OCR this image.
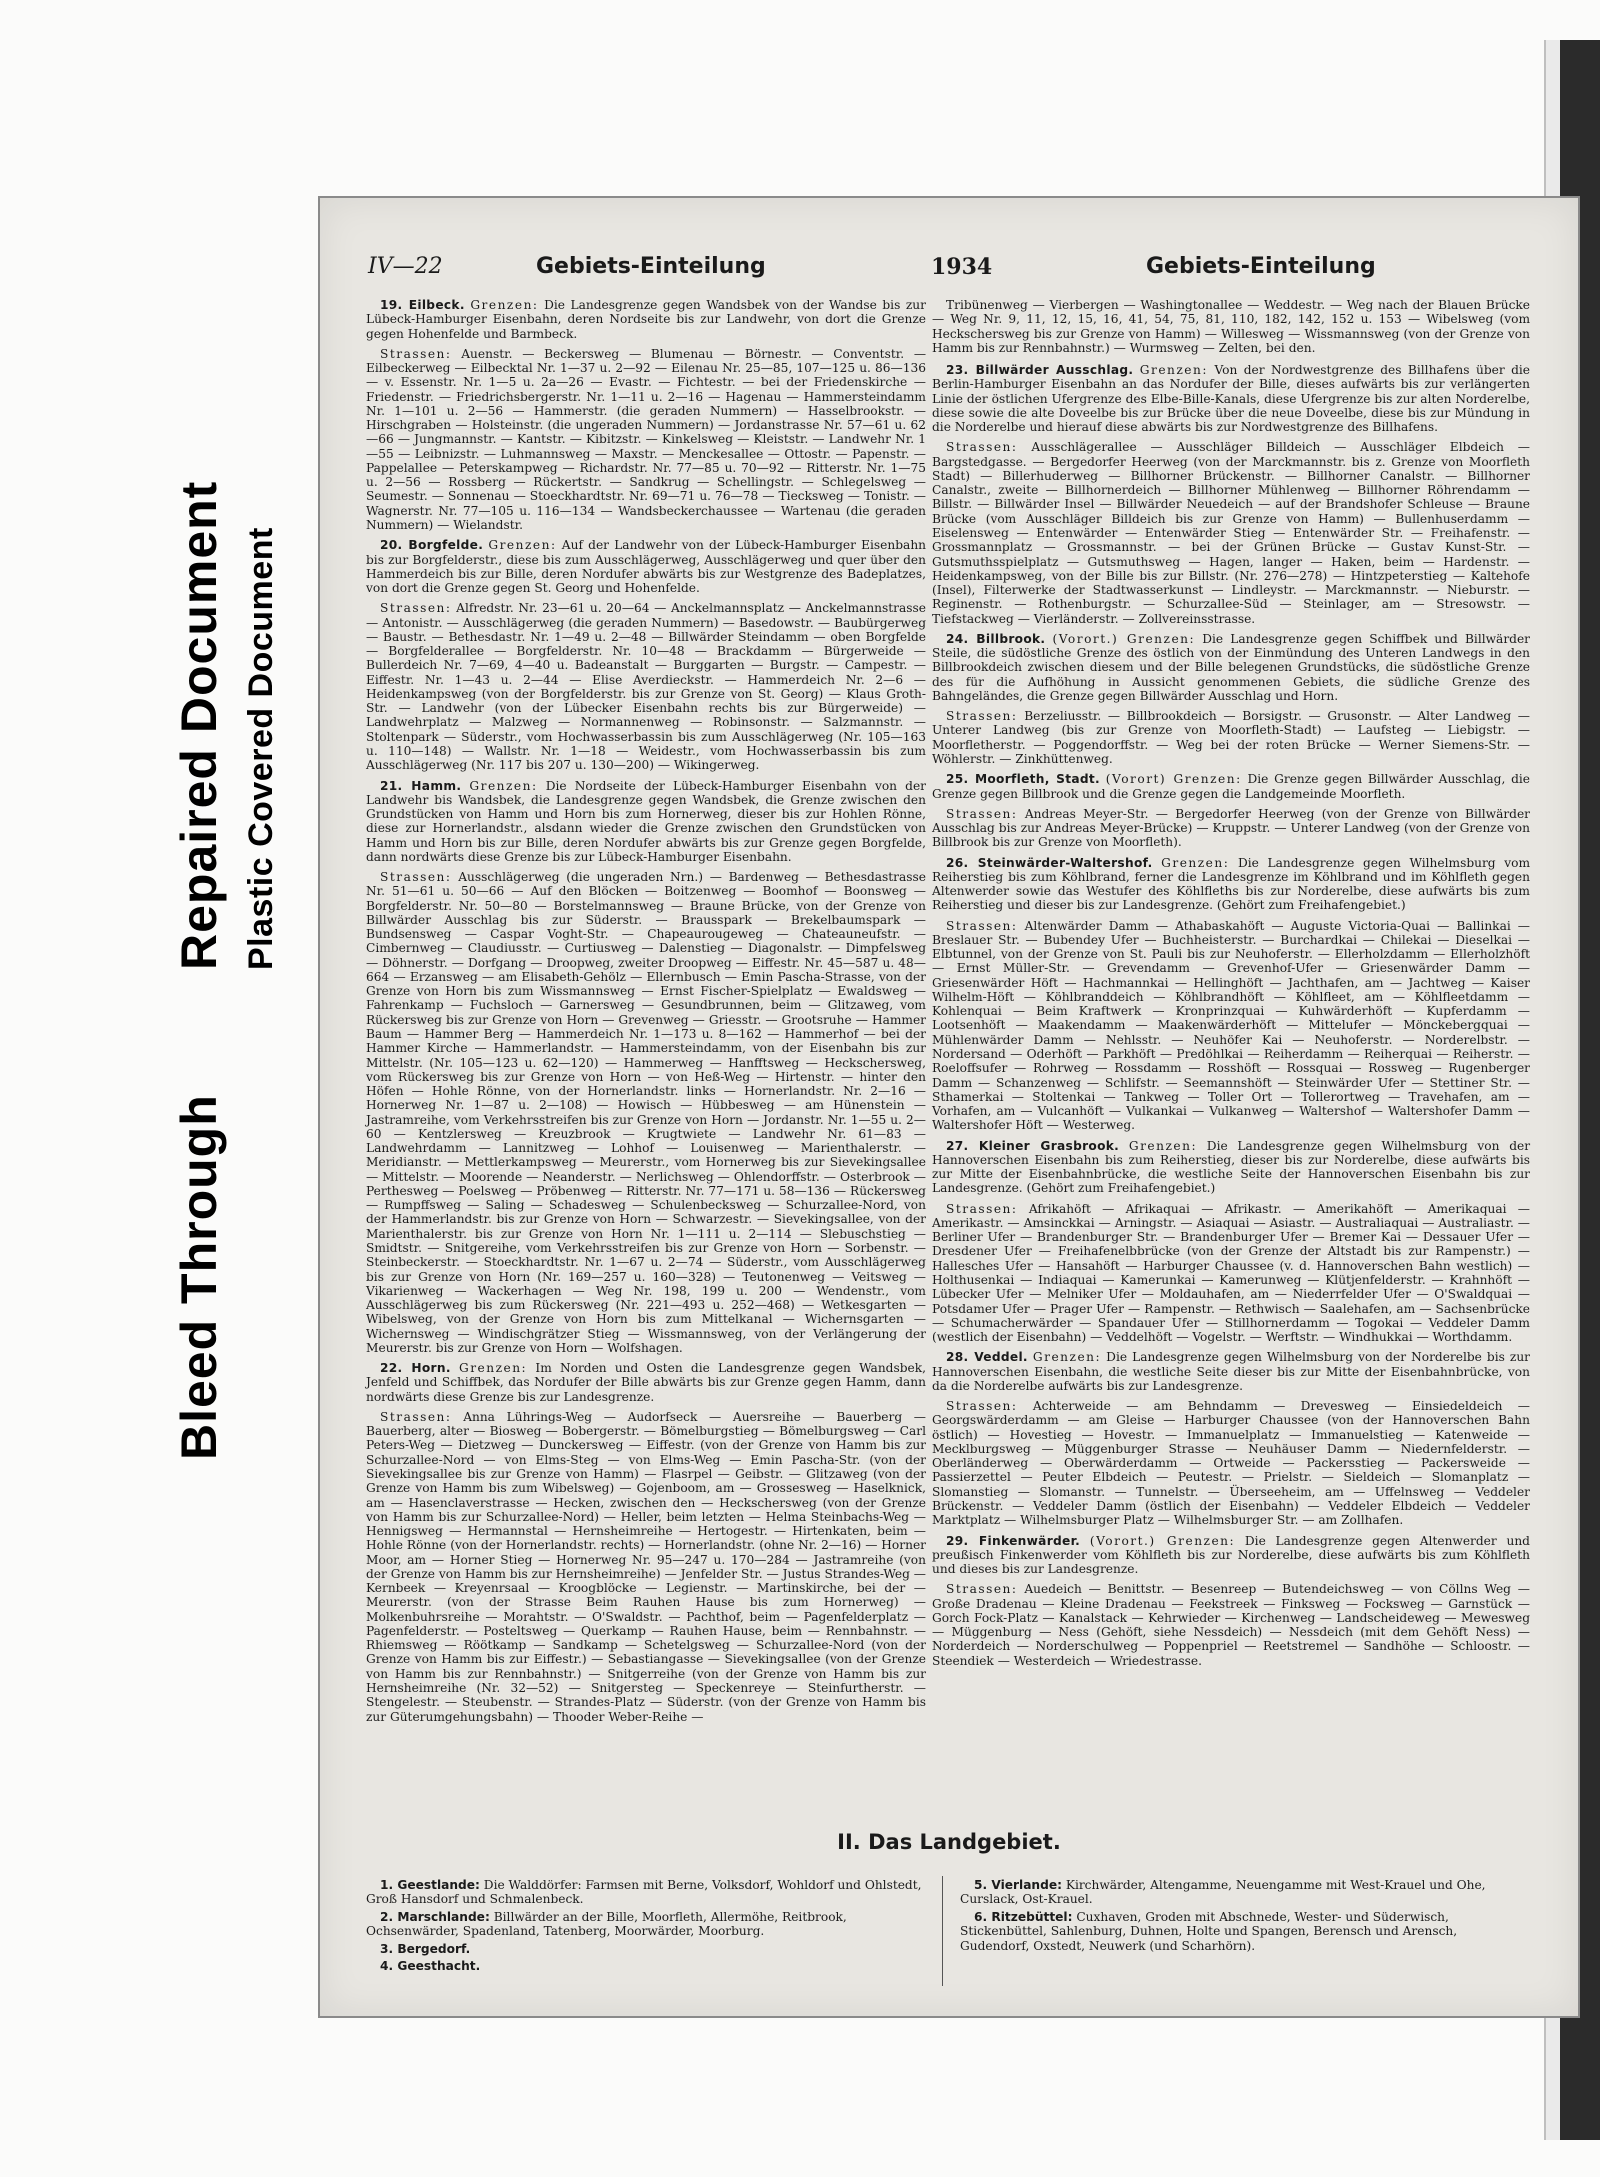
Bleed Through
Repaired Document Plastic Covered Document
IV—22	Gebiets-Einteilung	1934	Gebiets-Einteilung
19. Eilbeck. Grenzen: Die Landesgrenze gegen Wandsbek von der Wandse bis zur Lübeck-Hamburger Eisenbahn, deren Nordseite bis zur Landwehr, von dort die Grenze gegen Hohenfelde und Barmbeck.
Strassen: Auenstr. — Beckersweg — Blumenau — Börnestr. — Conventstr. — Eilbeckerweg — Eilbecktal Nr. 1—37 u. 2—92 — Eilenau Nr. 25—85, 107—125 u. 86—136 — v. Essenstr. Nr. 1—5 u. 2a—26 — Evastr. — Fichtestr. — bei der Friedenskirche — Friedenstr. — Friedrichsbergerstr. Nr. 1—11 u. 2—16 — Hagenau — Hammersteindamm Nr. 1—101 u. 2—56 — Hammerstr. (die geraden Nummern) — Hasselbrookstr. — Hirschgraben — Holsteinstr. (die ungeraden Nummern) — Jordanstrasse Nr. 57—61 u. 62—66 — Jungmannstr. — Kantstr. — Kibitzstr. — Kinkelsweg — Kleiststr. — Landwehr Nr. 1—55 — Leibnizstr. — Luhmannsweg — Maxstr. — Menckesallee — Ottostr. — Papenstr. — Pappelallee — Peterskampweg — Richardstr. Nr. 77—85 u. 70—92 — Ritterstr. Nr. 1—75 u. 2—56 — Rossberg — Rückertstr. — Sandkrug — Schellingstr. — Schlegelsweg — Seumestr. — Sonnenau — Stoeckhardtstr. Nr. 69—71 u. 76—78 — Tiecksweg — Tonistr. — Wagnerstr. Nr. 77—105 u. 116—134 — Wandsbeckerchaussee — Wartenau (die geraden Nummern) — Wielandstr.
20. Borgfelde. Grenzen: Auf der Landwehr von der Lübeck-Hamburger Eisenbahn bis zur Borgfelderstr., diese bis zum Ausschlägerweg, Ausschlägerweg und quer über den Hammerdeich bis zur Bille, deren Nordufer abwärts bis zur Westgrenze des Badeplatzes, von dort die Grenze gegen St. Georg und Hohenfelde.
Strassen: Alfredstr. Nr. 23—61 u. 20—64 — Anckelmannsplatz — Anckelmannstrasse — Antonistr. — Ausschlägerweg (die geraden Nummern) — Basedowstr. — Baubürgerweg — Baustr. — Bethesdastr. Nr. 1—49 u. 2—48 — Billwärder Steindamm — oben Borgfelde — Borgfelderallee — Borgfelderstr. Nr. 10—48 — Brackdamm — Bürgerweide — Bullerdeich Nr. 7—69, 4—40 u. Badeanstalt — Burggarten — Burgstr. — Campestr. — Eiffestr. Nr. 1—43 u. 2—44 — Elise Averdieckstr. — Hammerdeich Nr. 2—6 — Heidenkampsweg (von der Borgfelderstr. bis zur Grenze von St. Georg) — Klaus Groth-Str. — Landwehr (von der Lübecker Eisenbahn rechts bis zur Bürgerweide) — Landwehrplatz — Malzweg — Normannenweg — Robinsonstr. — Salzmannstr. — Stoltenpark — Süderstr., vom Hochwasserbassin bis zum Ausschlägerweg (Nr. 105—163 u. 110—148) — Wallstr. Nr. 1—18 — Weidestr., vom Hochwasserbassin bis zum Ausschlägerweg (Nr. 117 bis 207 u. 130—200) — Wikingerweg.
21. Hamm. Grenzen: Die Nordseite der Lübeck-Hamburger Eisenbahn von der Landwehr bis Wandsbek, die Landesgrenze gegen Wandsbek, die Grenze zwischen den Grundstücken von Hamm und Horn bis zum Hornerweg, dieser bis zur Hohlen Rönne, diese zur Hornerlandstr., alsdann wieder die Grenze zwischen den Grundstücken von Hamm und Horn bis zur Bille, deren Nordufer abwärts bis zur Grenze gegen Borgfelde, dann nordwärts diese Grenze bis zur Lübeck-Hamburger Eisenbahn.
Strassen: Ausschlägerweg (die ungeraden Nrn.) — Bardenweg — Bethesdastrasse Nr. 51—61 u. 50—66 — Auf den Blöcken — Boitzenweg — Boomhof — Boonsweg — Borgfelderstr. Nr. 50—80 — Borstelmannsweg — Braune Brücke, von der Grenze von Billwärder Ausschlag bis zur Süderstr. — Brausspark — Brekelbaumspark — Bundsensweg — Caspar Voght-Str. — Chapeaurougeweg — Chateauneufstr. — Cimbernweg — Claudiusstr. — Curtiusweg — Dalenstieg — Diagonalstr. — Dimpfelsweg — Döhnerstr. — Dorfgang — Droopweg, zweiter Droopweg — Eiffestr. Nr. 45—587 u. 48—664 — Erzansweg — am Elisabeth-Gehölz — Ellernbusch — Emin Pascha-Strasse, von der Grenze von Horn bis zum Wissmannsweg — Ernst Fischer-Spielplatz — Ewaldsweg — Fahrenkamp — Fuchsloch — Garnersweg — Gesundbrunnen, beim — Glitzaweg, vom Rückersweg bis zur Grenze von Horn — Grevenweg — Griesstr. — Grootsruhe — Hammer Baum — Hammer Berg — Hammerdeich Nr. 1—173 u. 8—162 — Hammerhof — bei der Hammer Kirche — Hammerlandstr. — Hammersteindamm, von der Eisenbahn bis zur Mittelstr. (Nr. 105—123 u. 62—120) — Hammerweg — Hanfftsweg — Heckschersweg, vom Rückersweg bis zur Grenze von Horn — von Heß-Weg — Hirtenstr. — hinter den Höfen — Hohle Rönne, von der Hornerlandstr. links — Hornerlandstr. Nr. 2—16 — Hornerweg Nr. 1—87 u. 2—108) — Howisch — Hübbesweg — am Hünenstein — Jastramreihe, vom Verkehrsstreifen bis zur Grenze von Horn — Jordanstr. Nr. 1—55 u. 2—60 — Kentzlersweg — Kreuzbrook — Krugtwiete — Landwehr Nr. 61—83 — Landwehrdamm — Lannitzweg — Lohhof — Louisenweg — Marienthalerstr. — Meridianstr. — Mettlerkampsweg — Meurerstr., vom Hornerweg bis zur Sievekingsallee — Mittelstr. — Moorende — Neanderstr. — Nerlichsweg — Ohlendorffstr. — Osterbrook — Perthesweg — Poelsweg — Pröbenweg — Ritterstr. Nr. 77—171 u. 58—136 — Rückersweg — Rumpffsweg — Saling — Schadesweg — Schulenbecksweg — Schurzallee-Nord, von der Hammerlandstr. bis zur Grenze von Horn — Schwarzestr. — Sievekingsallee, von der Marienthalerstr. bis zur Grenze von Horn Nr. 1—111 u. 2—114 — Slebuschstieg — Smidtstr. — Snitgereihe, vom Verkehrsstreifen bis zur Grenze von Horn — Sorbenstr. — Steinbeckerstr. — Stoeckhardtstr. Nr. 1—67 u. 2—74 — Süderstr., vom Ausschlägerweg bis zur Grenze von Horn (Nr. 169—257 u. 160—328) — Teutonenweg — Veitsweg — Vikarienweg — Wackerhagen — Weg Nr. 198, 199 u. 200 — Wendenstr., vom Ausschlägerweg bis zum Rückersweg (Nr. 221—493 u. 252—468) — Wetkesgarten — Wibelsweg, von der Grenze von Horn bis zum Mittelkanal — Wichernsgarten — Wichernsweg — Windischgrätzer Stieg — Wissmannsweg, von der Verlängerung der Meurerstr. bis zur Grenze von Horn — Wolfshagen.
22. Horn. Grenzen: Im Norden und Osten die Landesgrenze gegen Wandsbek, Jenfeld und Schiffbek, das Nordufer der Bille abwärts bis zur Grenze gegen Hamm, dann nordwärts diese Grenze bis zur Landesgrenze.
Strassen: Anna Lührings-Weg — Audorfseck — Auersreihe — Bauerberg — Bauerberg, alter — Biosweg — Bobergerstr. — Bömelburgstieg — Bömelburgsweg — Carl Peters-Weg — Dietzweg — Dunckersweg — Eiffestr. (von der Grenze von Hamm bis zur Schurzallee-Nord — von Elms-Steg — von Elms-Weg — Emin Pascha-Str. (von der Sievekingsallee bis zur Grenze von Hamm) — Flasrpel — Geibstr. — Glitzaweg (von der Grenze von Hamm bis zum Wibelsweg) — Gojenboom, am — Grossesweg — Haselknick, am — Hasenclaverstrasse — Hecken, zwischen den — Heckschersweg (von der Grenze von Hamm bis zur Schurzallee-Nord) — Heller, beim letzten — Helma Steinbachs-Weg — Hennigsweg — Hermannstal — Hernsheimreihe — Hertogestr. — Hirtenkaten, beim — Hohle Rönne (von der Hornerlandstr. rechts) — Hornerlandstr. (ohne Nr. 2—16) — Horner Moor, am — Horner Stieg — Hornerweg Nr. 95—247 u. 170—284 — Jastramreihe (von der Grenze von Hamm bis zur Hernsheimreihe) — Jenfelder Str. — Justus Strandes-Weg — Kernbeek — Kreyenrsaal — Kroogblöcke — Legienstr. — Martinskirche, bei der — Meurerstr. (von der Strasse Beim Rauhen Hause bis zum Hornerweg) — Molkenbuhrsreihe — Morahtstr. — O'Swaldstr. — Pachthof, beim — Pagenfelderplatz — Pagenfelderstr. — Posteltsweg — Querkamp — Rauhen Hause, beim — Rennbahnstr. — Rhiemsweg — Röötkamp — Sandkamp — Schetelgsweg — Schurzallee-Nord (von der Grenze von Hamm bis zur Eiffestr.) — Sebastiangasse — Sievekingsallee (von der Grenze von Hamm bis zur Rennbahnstr.) — Snitgerreihe (von der Grenze von Hamm bis zur Hernsheimreihe (Nr. 32—52) — Snitgersteg — Speckenreye — Steinfurtherstr. — Stengelestr. — Steubenstr. — Strandes-Platz — Süderstr. (von der Grenze von Hamm bis zur Güterumgehungsbahn) — Thooder Weber-Reihe —
Tribünenweg — Vierbergen — Washingtonallee — Weddestr. — Weg nach der Blauen Brücke — Weg Nr. 9, 11, 12, 15, 16, 41, 54, 75, 81, 110, 182, 142, 152 u. 153 — Wibelsweg (vom Heckschersweg bis zur Grenze von Hamm) — Willesweg — Wissmannsweg (von der Grenze von Hamm bis zur Rennbahnstr.) — Wurmsweg — Zelten, bei den.
23. Billwärder Ausschlag. Grenzen: Von der Nordwestgrenze des Billhafens über die Berlin-Hamburger Eisenbahn an das Nordufer der Bille, dieses aufwärts bis zur verlängerten Linie der östlichen Ufergrenze des Elbe-Bille-Kanals, diese Ufergrenze bis zur alten Norderelbe, diese sowie die alte Doveelbe bis zur Brücke über die neue Doveelbe, diese bis zur Mündung in die Norderelbe und hierauf diese abwärts bis zur Nordwestgrenze des Billhafens.
Strassen: Ausschlägerallee — Ausschläger Billdeich — Ausschläger Elbdeich — Bargstedgasse. — Bergedorfer Heerweg (von der Marckmannstr. bis z. Grenze von Moorfleth Stadt) — Billerhuderweg — Billhorner Brückenstr. — Billhorner Canalstr. — Billhorner Canalstr., zweite — Billhornerdeich — Billhorner Mühlenweg — Billhorner Röhrendamm — Billstr. — Billwärder Insel — Billwärder Neuedeich — auf der Brandshofer Schleuse — Braune Brücke (vom Ausschläger Billdeich bis zur Grenze von Hamm) — Bullenhuserdamm — Eiselensweg — Entenwärder — Entenwärder Stieg — Entenwärder Str. — Freihafenstr. — Grossmannplatz — Grossmannstr. — bei der Grünen Brücke — Gustav Kunst-Str. — Gutsmuthsspielplatz — Gutsmuthsweg — Hagen, langer — Haken, beim — Hardenstr. — Heidenkampsweg, von der Bille bis zur Billstr. (Nr. 276—278) — Hintzpeterstieg — Kaltehofe (Insel), Filterwerke der Stadtwasserkunst — Lindleystr. — Marckmannstr. — Nieburstr. — Reginenstr. — Rothenburgstr. — Schurzallee-Süd — Steinlager, am — Stresowstr. — Tiefstackweg — Vierländerstr. — Zollvereinsstrasse.
24. Billbrook. (Vorort.) Grenzen: Die Landesgrenze gegen Schiffbek und Billwärder Steile, die südöstliche Grenze des östlich von der Einmündung des Unteren Landwegs in den Billbrookdeich zwischen diesem und der Bille belegenen Grundstücks, die südöstliche Grenze des für die Aufhöhung in Aussicht genommenen Gebiets, die südliche Grenze des Bahngeländes, die Grenze gegen Billwärder Ausschlag und Horn.
Strassen: Berzeliusstr. — Billbrookdeich — Borsigstr. — Grusonstr. — Alter Landweg — Unterer Landweg (bis zur Grenze von Moorfleth-Stadt) — Laufsteg — Liebigstr. — Moorfletherstr. — Poggendorffstr. — Weg bei der roten Brücke — Werner Siemens-Str. — Wöhlerstr. — Zinkhüttenweg.
25. Moorfleth, Stadt. (Vorort) Grenzen: Die Grenze gegen Billwärder Ausschlag, die Grenze gegen Billbrook und die Grenze gegen die Landgemeinde Moorfleth.
Strassen: Andreas Meyer-Str. — Bergedorfer Heerweg (von der Grenze von Billwärder Ausschlag bis zur Andreas Meyer-Brücke) — Kruppstr. — Unterer Landweg (von der Grenze von Billbrook bis zur Grenze von Moorfleth).
26. Steinwärder-Waltershof. Grenzen: Die Landesgrenze gegen Wilhelmsburg vom Reiherstieg bis zum Köhlbrand, ferner die Landesgrenze im Köhlbrand und im Köhlfleth gegen Altenwerder sowie das Westufer des Köhlfleths bis zur Norderelbe, diese aufwärts bis zum Reiherstieg und dieser bis zur Landesgrenze. (Gehört zum Freihafengebiet.)
Strassen: Altenwärder Damm — Athabaskahöft — Auguste Victoria-Quai — Ballinkai — Breslauer Str. — Bubendey Ufer — Buchheisterstr. — Burchardkai — Chilekai — Dieselkai — Elbtunnel, von der Grenze von St. Pauli bis zur Neuhoferstr. — Ellerholzdamm — Ellerholzhöft — Ernst Müller-Str. — Grevendamm — Grevenhof-Ufer — Griesenwärder Damm — Griesenwärder Höft — Hachmannkai — Hellinghöft — Jachthafen, am — Jachtweg — Kaiser Wilhelm-Höft — Köhlbranddeich — Köhlbrandhöft — Köhlfleet, am — Köhlfleetdamm — Kohlenquai — Beim Kraftwerk — Kronprinzquai — Kuhwärderhöft — Kupferdamm — Lootsenhöft — Maakendamm — Maakenwärderhöft — Mittelufer — Mönckebergquai — Mühlenwärder Damm — Nehlsstr. — Neuhöfer Kai — Neuhoferstr. — Norderelbstr. — Nordersand — Oderhöft — Parkhöft — Predöhlkai — Reiherdamm — Reiherquai — Reiherstr. — Roeloffsufer — Rohrweg — Rossdamm — Rosshöft — Rossquai — Rossweg — Rugenberger Damm — Schanzenweg — Schlifstr. — Seemannshöft — Steinwärder Ufer — Stettiner Str. — Sthamerkai — Stoltenkai — Tankweg — Toller Ort — Tollerortweg — Travehafen, am — Vorhafen, am — Vulcanhöft — Vulkankai — Vulkanweg — Waltershof — Waltershofer Damm — Waltershofer Höft — Westerweg.
27. Kleiner Grasbrook. Grenzen: Die Landesgrenze gegen Wilhelmsburg von der Hannoverschen Eisenbahn bis zum Reiherstieg, dieser bis zur Norderelbe, diese aufwärts bis zur Mitte der Eisenbahnbrücke, die westliche Seite der Hannoverschen Eisenbahn bis zur Landesgrenze. (Gehört zum Freihafengebiet.)
Strassen: Afrikahöft — Afrikaquai — Afrikastr. — Amerikahöft — Amerikaquai — Amerikastr. — Amsinckkai — Arningstr. — Asiaquai — Asiastr. — Australiaquai — Australiastr. — Berliner Ufer — Brandenburger Str. — Brandenburger Ufer — Bremer Kai — Dessauer Ufer — Dresdener Ufer — Freihafenelbbrücke (von der Grenze der Altstadt bis zur Rampenstr.) — Hallesches Ufer — Hansahöft — Harburger Chaussee (v. d. Hannoverschen Bahn westlich) — Holthusenkai — Indiaquai — Kamerunkai — Kamerunweg — Klütjenfelderstr. — Krahnhöft — Lübecker Ufer — Melniker Ufer — Moldauhafen, am — Niederrfelder Ufer — O'Swaldquai — Potsdamer Ufer — Prager Ufer — Rampenstr. — Rethwisch — Saalehafen, am — Sachsenbrücke — Schumacherwärder — Spandauer Ufer — Stillhornerdamm — Togokai — Veddeler Damm (westlich der Eisenbahn) — Veddelhöft — Vogelstr. — Werftstr. — Windhukkai — Worthdamm.
28. Veddel. Grenzen: Die Landesgrenze gegen Wilhelmsburg von der Norderelbe bis zur Hannoverschen Eisenbahn, die westliche Seite dieser bis zur Mitte der Eisenbahnbrücke, von da die Norderelbe aufwärts bis zur Landesgrenze.
Strassen: Achterweide — am Behndamm — Drevesweg — Einsiedeldeich — Georgswärderdamm — am Gleise — Harburger Chaussee (von der Hannoverschen Bahn östlich) — Hovestieg — Hovestr. — Immanuelplatz — Immanuelstieg — Katenweide — Mecklburgsweg — Müggenburger Strasse — Neuhäuser Damm — Niedernfelderstr. — Oberländerweg — Oberwärderdamm — Ortweide — Packersstieg — Packersweide — Passierzettel — Peuter Elbdeich — Peutestr. — Prielstr. — Sieldeich — Slomanplatz — Slomanstieg — Slomanstr. — Tunnelstr. — Überseeheim, am — Uffelnsweg — Veddeler Brückenstr. — Veddeler Damm (östlich der Eisenbahn) — Veddeler Elbdeich — Veddeler Marktplatz — Wilhelmsburger Platz — Wilhelmsburger Str. — am Zollhafen.
29. Finkenwärder. (Vorort.) Grenzen: Die Landesgrenze gegen Altenwerder und preußisch Finkenwerder vom Köhlfleth bis zur Norderelbe, diese aufwärts bis zum Köhlfleth und dieses bis zur Landesgrenze.
Strassen: Auedeich — Benittstr. — Besenreep — Butendeichsweg — von Cöllns Weg — Große Dradenau — Kleine Dradenau — Feekstreek — Finksweg — Focksweg — Garnstück — Gorch Fock-Platz — Kanalstack — Kehrwieder — Kirchenweg — Landscheideweg — Mewesweg — Müggenburg — Ness (Gehöft, siehe Nessdeich) — Nessdeich (mit dem Gehöft Ness) — Norderdeich — Norderschulweg — Poppenpriel — Reetstremel — Sandhöhe — Schloostr. — Steendiek — Westerdeich — Wriedestrasse.
II. Das Landgebiet.
1. Geestlande: Die Walddörfer: Farmsen mit Berne, Volksdorf, Wohldorf und Ohlstedt, Groß Hansdorf und Schmalenbeck.
2. Marschlande: Billwärder an der Bille, Moorfleth, Allermöhe, Reitbrook, Ochsenwärder, Spadenland, Tatenberg, Moorwärder, Moorburg.
3. Bergedorf.
4. Geesthacht.
5. Vierlande: Kirchwärder, Altengamme, Neuengamme mit West-Krauel und Ohe, Curslack, Ost-Krauel.
6. Ritzebüttel: Cuxhaven, Groden mit Abschnede, Wester- und Süderwisch, Stickenbüttel, Sahlenburg, Duhnen, Holte und Spangen, Berensch und Arensch, Gudendorf, Oxstedt, Neuwerk (und Scharhörn).
